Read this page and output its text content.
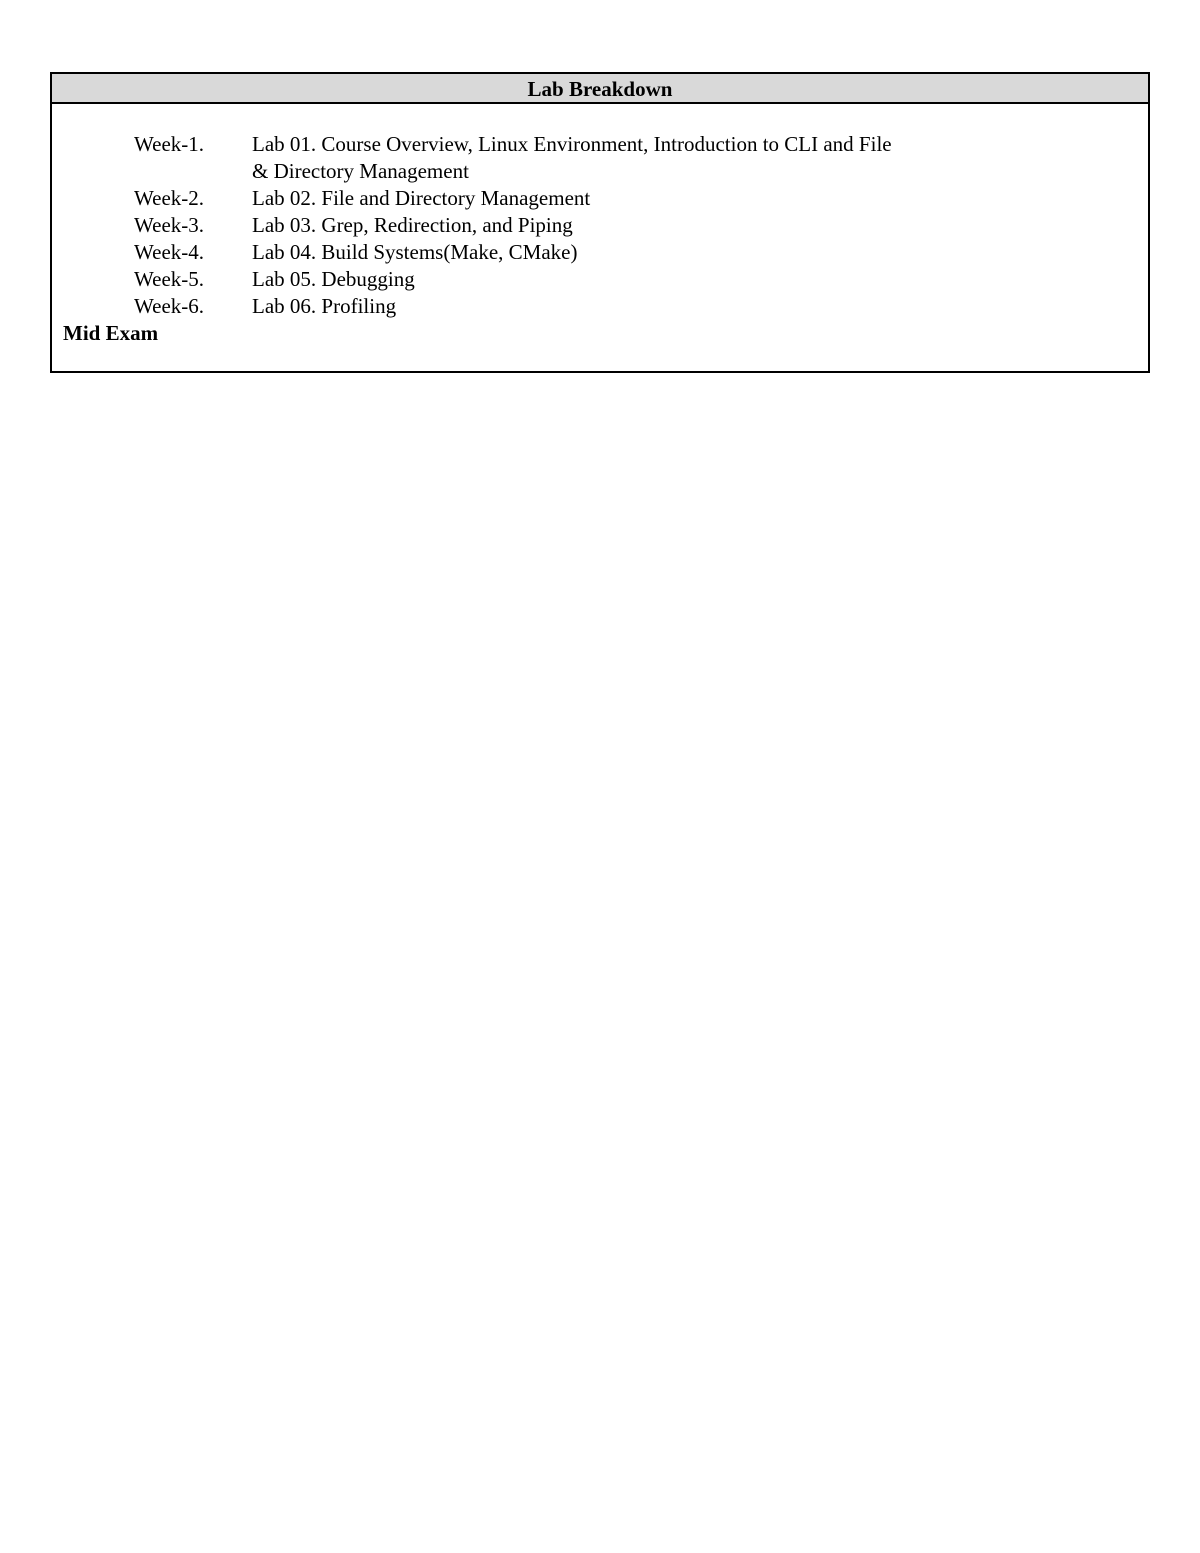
Lab Breakdown
Week-1.	Lab 01. Course Overview, Linux Environment, Introduction to CLI and File & Directory Management
Week-2.	Lab 02. File and Directory Management
Week-3.	Lab 03. Grep, Redirection, and Piping
Week-4.	Lab 04. Build Systems(Make, CMake)
Week-5.	Lab 05. Debugging
Week-6.	Lab 06. Profiling
Mid Exam
